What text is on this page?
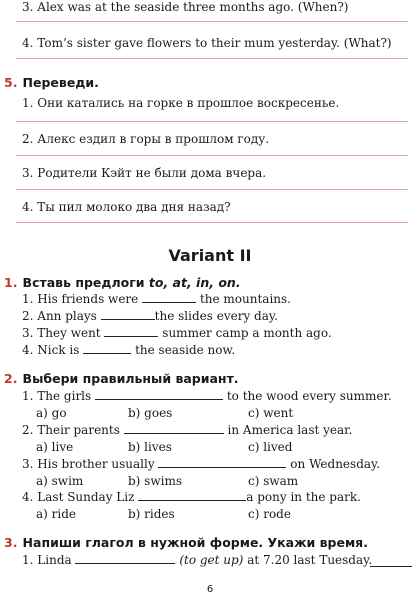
3. Alex was at the seaside three months ago. (When?)
4. Tom’s sister gave flowers to their mum yesterday. (What?)
5. Переведи.
1. Они катались на горке в прошлое воскресенье.
2. Алекс ездил в горы в прошлом году.
3. Родители Кэйт не были дома вчера.
4. Ты пил молоко два дня назад?
Variant II
1. Вставь предлоги to, at, in, on.
1. His friends were	the mountains.
2. Ann plays	the slides every day.
3. They went	summer camp a month ago.
4. Nick is	the seaside now.
2. Выбери правильный вариант.
1. The girls	to the wood every summer.
a) go	b) goes	c) went
2. Their parents	in America last year.
a) live	b) lives	c) lived
3. His brother usually	on Wednesday.
a) swim	b) swims	c) swam
4. Last Sunday Liz	a pony in the park.
a) ride	b) rides	c) rode
3. Напиши глагол в нужной форме. Укажи время.
1. Linda	(to get up) at 7.20 last Tuesday.
6
